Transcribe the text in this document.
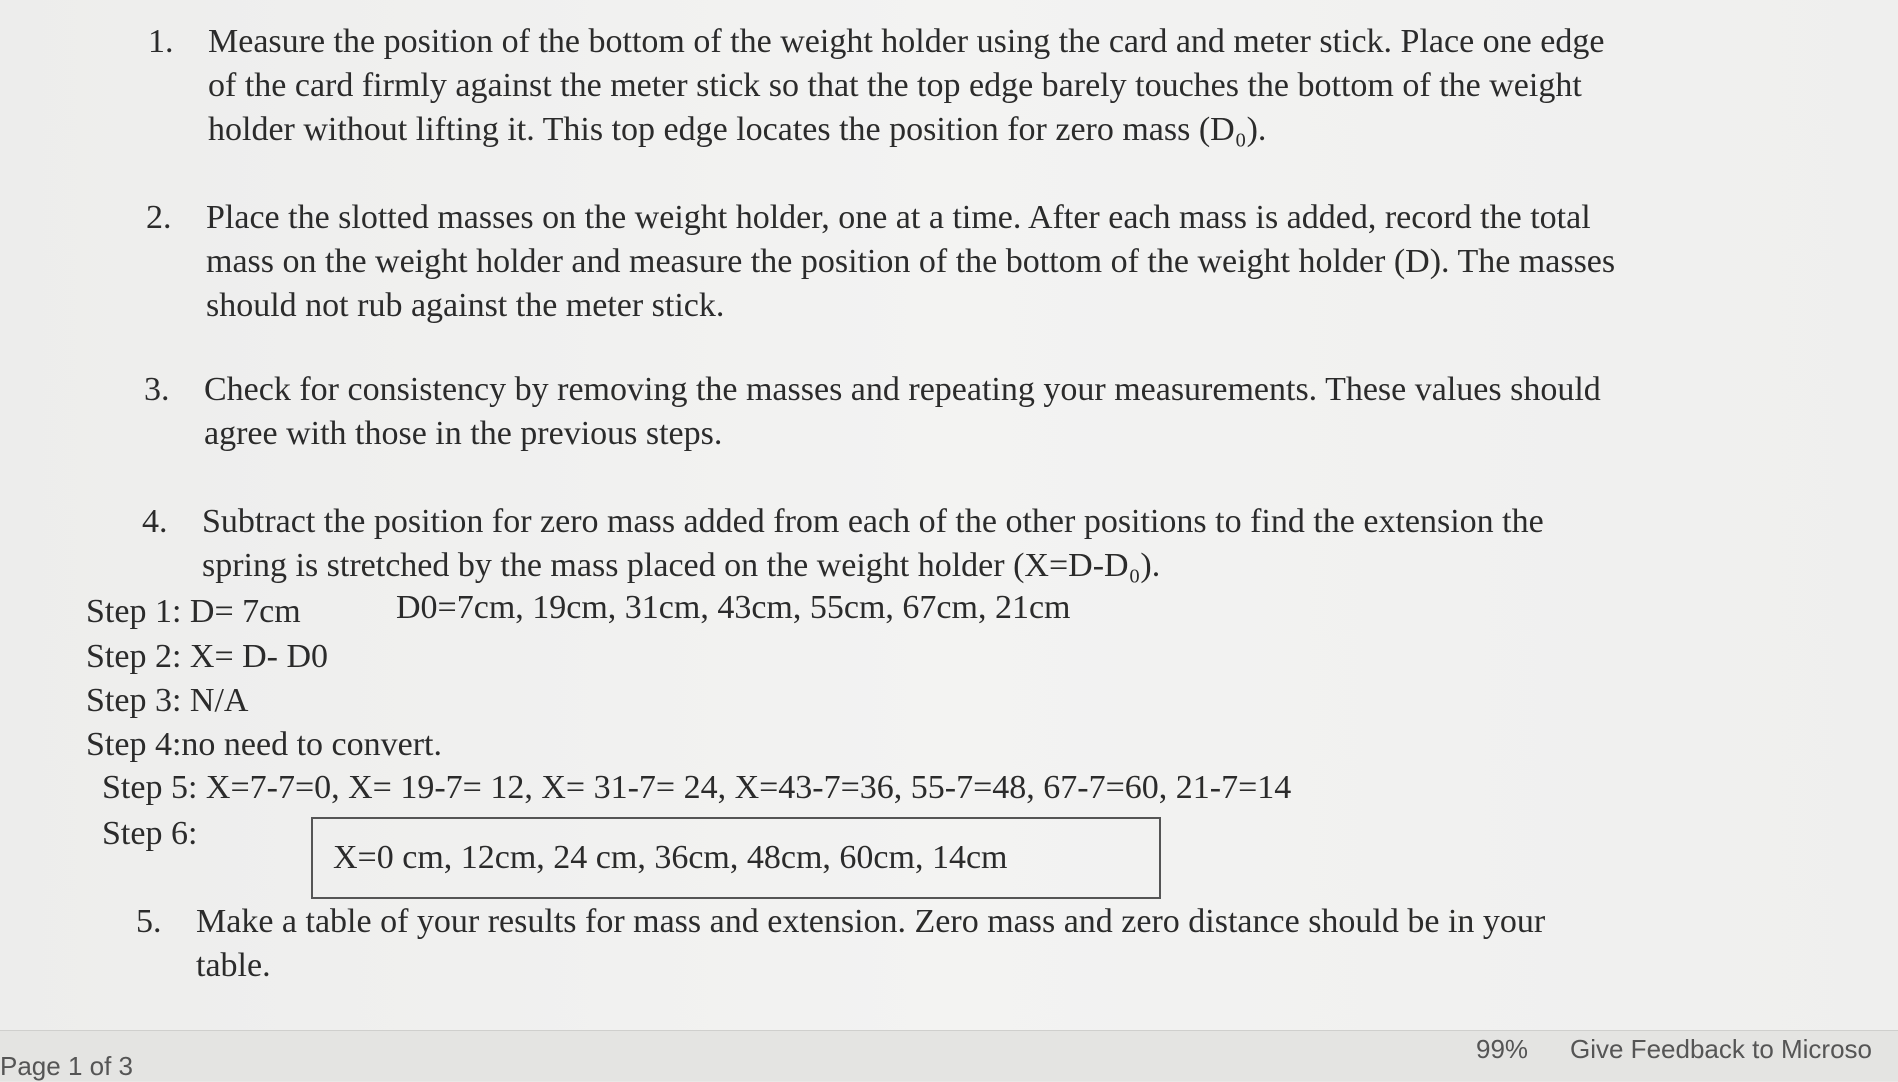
1. Measure the position of the bottom of the weight holder using the card and meter stick. Place one edge
of the card firmly against the meter stick so that the top edge barely touches the bottom of the weight
holder without lifting it. This top edge locates the position for zero mass (D₀).
2. Place the slotted masses on the weight holder, one at a time. After each mass is added, record the total
mass on the weight holder and measure the position of the bottom of the weight holder (D). The masses
should not rub against the meter stick.
3. Check for consistency by removing the masses and repeating your measurements. These values should
agree with those in the previous steps.
4. Subtract the position for zero mass added from each of the other positions to find the extension the
spring is stretched by the mass placed on the weight holder (X=D-D₀).
Step 1: D= 7cm	D0=7cm, 19cm, 31cm, 43cm, 55cm, 67cm, 21cm
Step 2: X= D- D0
Step 3: N/A
Step 4:no need to convert.
Step 5: X=7-7=0, X= 19-7= 12, X= 31-7= 24, X=43-7=36, 55-7=48, 67-7=60, 21-7=14
Step 6:
X=0 cm, 12cm, 24 cm, 36cm, 48cm, 60cm, 14cm
5. Make a table of your results for mass and extension. Zero mass and zero distance should be in your
table.
Page 1 of 3
99% Give Feedback to Microso
